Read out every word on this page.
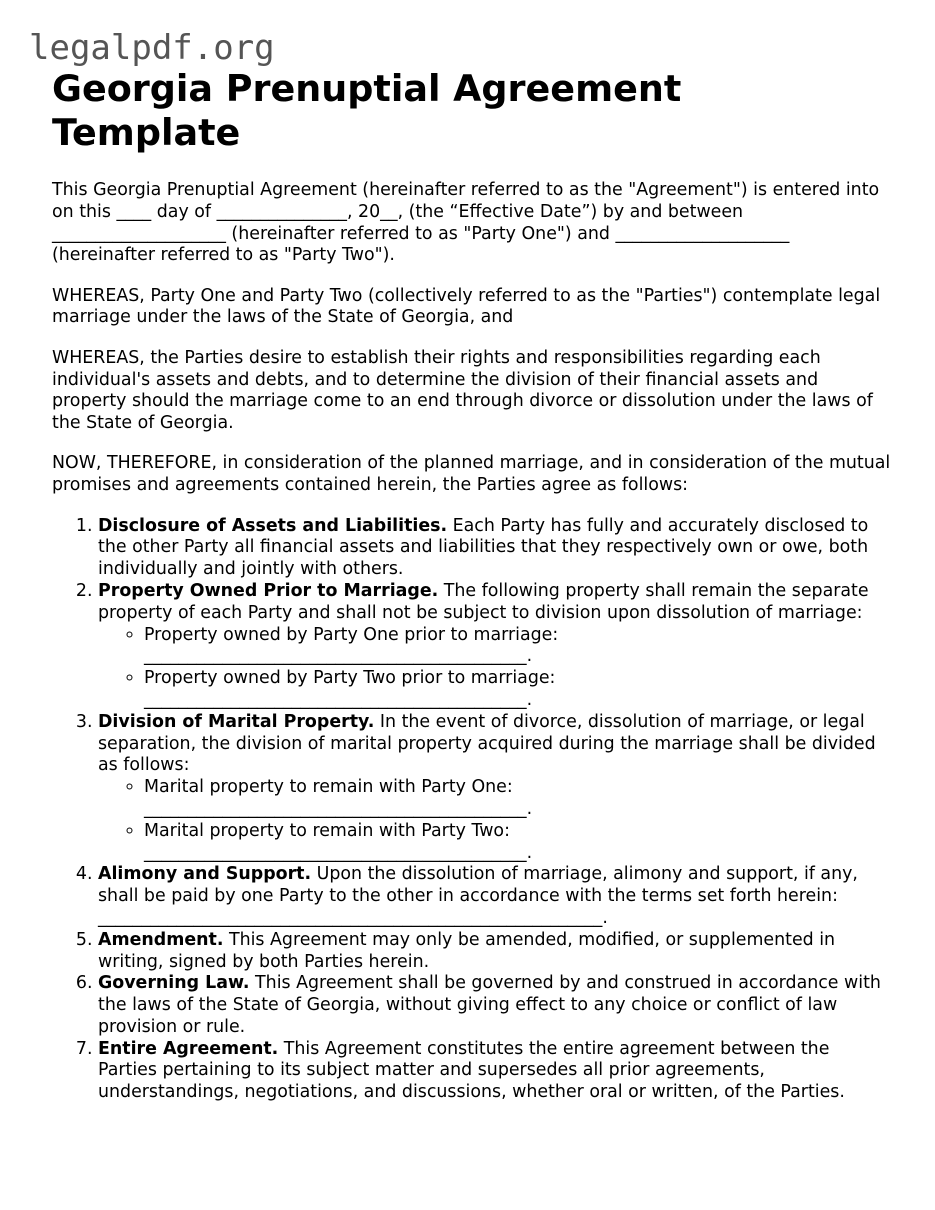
legalpdf.org
Georgia Prenuptial Agreement Template

This Georgia Prenuptial Agreement (hereinafter referred to as the "Agreement") is entered into on this ____ day of _______________, 20__, (the “Effective Date”) by and between ____________________ (hereinafter referred to as "Party One") and ____________________ (hereinafter referred to as "Party Two").

WHEREAS, Party One and Party Two (collectively referred to as the "Parties") contemplate legal marriage under the laws of the State of Georgia, and

WHEREAS, the Parties desire to establish their rights and responsibilities regarding each individual's assets and debts, and to determine the division of their financial assets and property should the marriage come to an end through divorce or dissolution under the laws of the State of Georgia.

NOW, THEREFORE, in consideration of the planned marriage, and in consideration of the mutual promises and agreements contained herein, the Parties agree as follows:

1. Disclosure of Assets and Liabilities. Each Party has fully and accurately disclosed to the other Party all financial assets and liabilities that they respectively own or owe, both individually and jointly with others.
2. Property Owned Prior to Marriage. The following property shall remain the separate property of each Party and shall not be subject to division upon dissolution of marriage:
◦ Property owned by Party One prior to marriage:
____________________________________________.
◦ Property owned by Party Two prior to marriage:
____________________________________________.
3. Division of Marital Property. In the event of divorce, dissolution of marriage, or legal separation, the division of marital property acquired during the marriage shall be divided as follows:
◦ Marital property to remain with Party One:
____________________________________________.
◦ Marital property to remain with Party Two:
____________________________________________.
4. Alimony and Support. Upon the dissolution of marriage, alimony and support, if any, shall be paid by one Party to the other in accordance with the terms set forth herein: __________________________________________________________.
5. Amendment. This Agreement may only be amended, modified, or supplemented in writing, signed by both Parties herein.
6. Governing Law. This Agreement shall be governed by and construed in accordance with the laws of the State of Georgia, without giving effect to any choice or conflict of law provision or rule.
7. Entire Agreement. This Agreement constitutes the entire agreement between the Parties pertaining to its subject matter and supersedes all prior agreements, understandings, negotiations, and discussions, whether oral or written, of the Parties.
